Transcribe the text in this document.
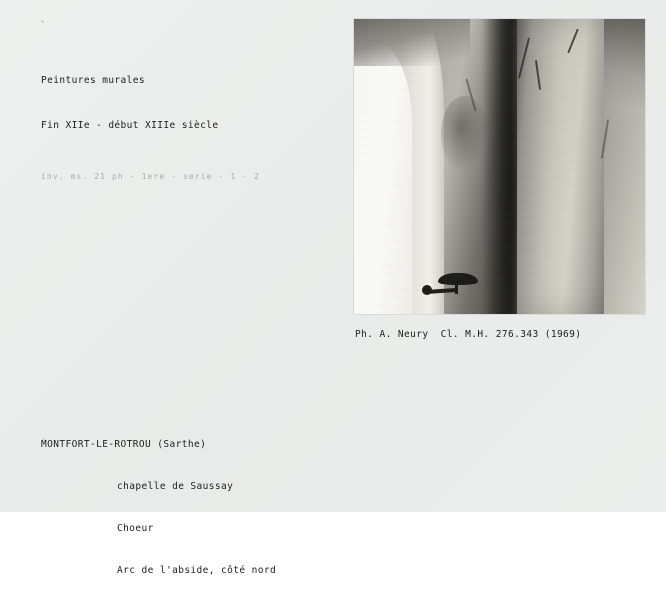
Peintures murales

Fin XIIe - début XIIIe siècle

inv. ms. 21 ph - 1ere - serie - 1 - 2

Ph. A. Neury  Cl. M.H. 276.343 (1969)

MONTFORT-LE-ROTROU (Sarthe)

chapelle de Saussay

Choeur

Arc de l'abside, côté nord
